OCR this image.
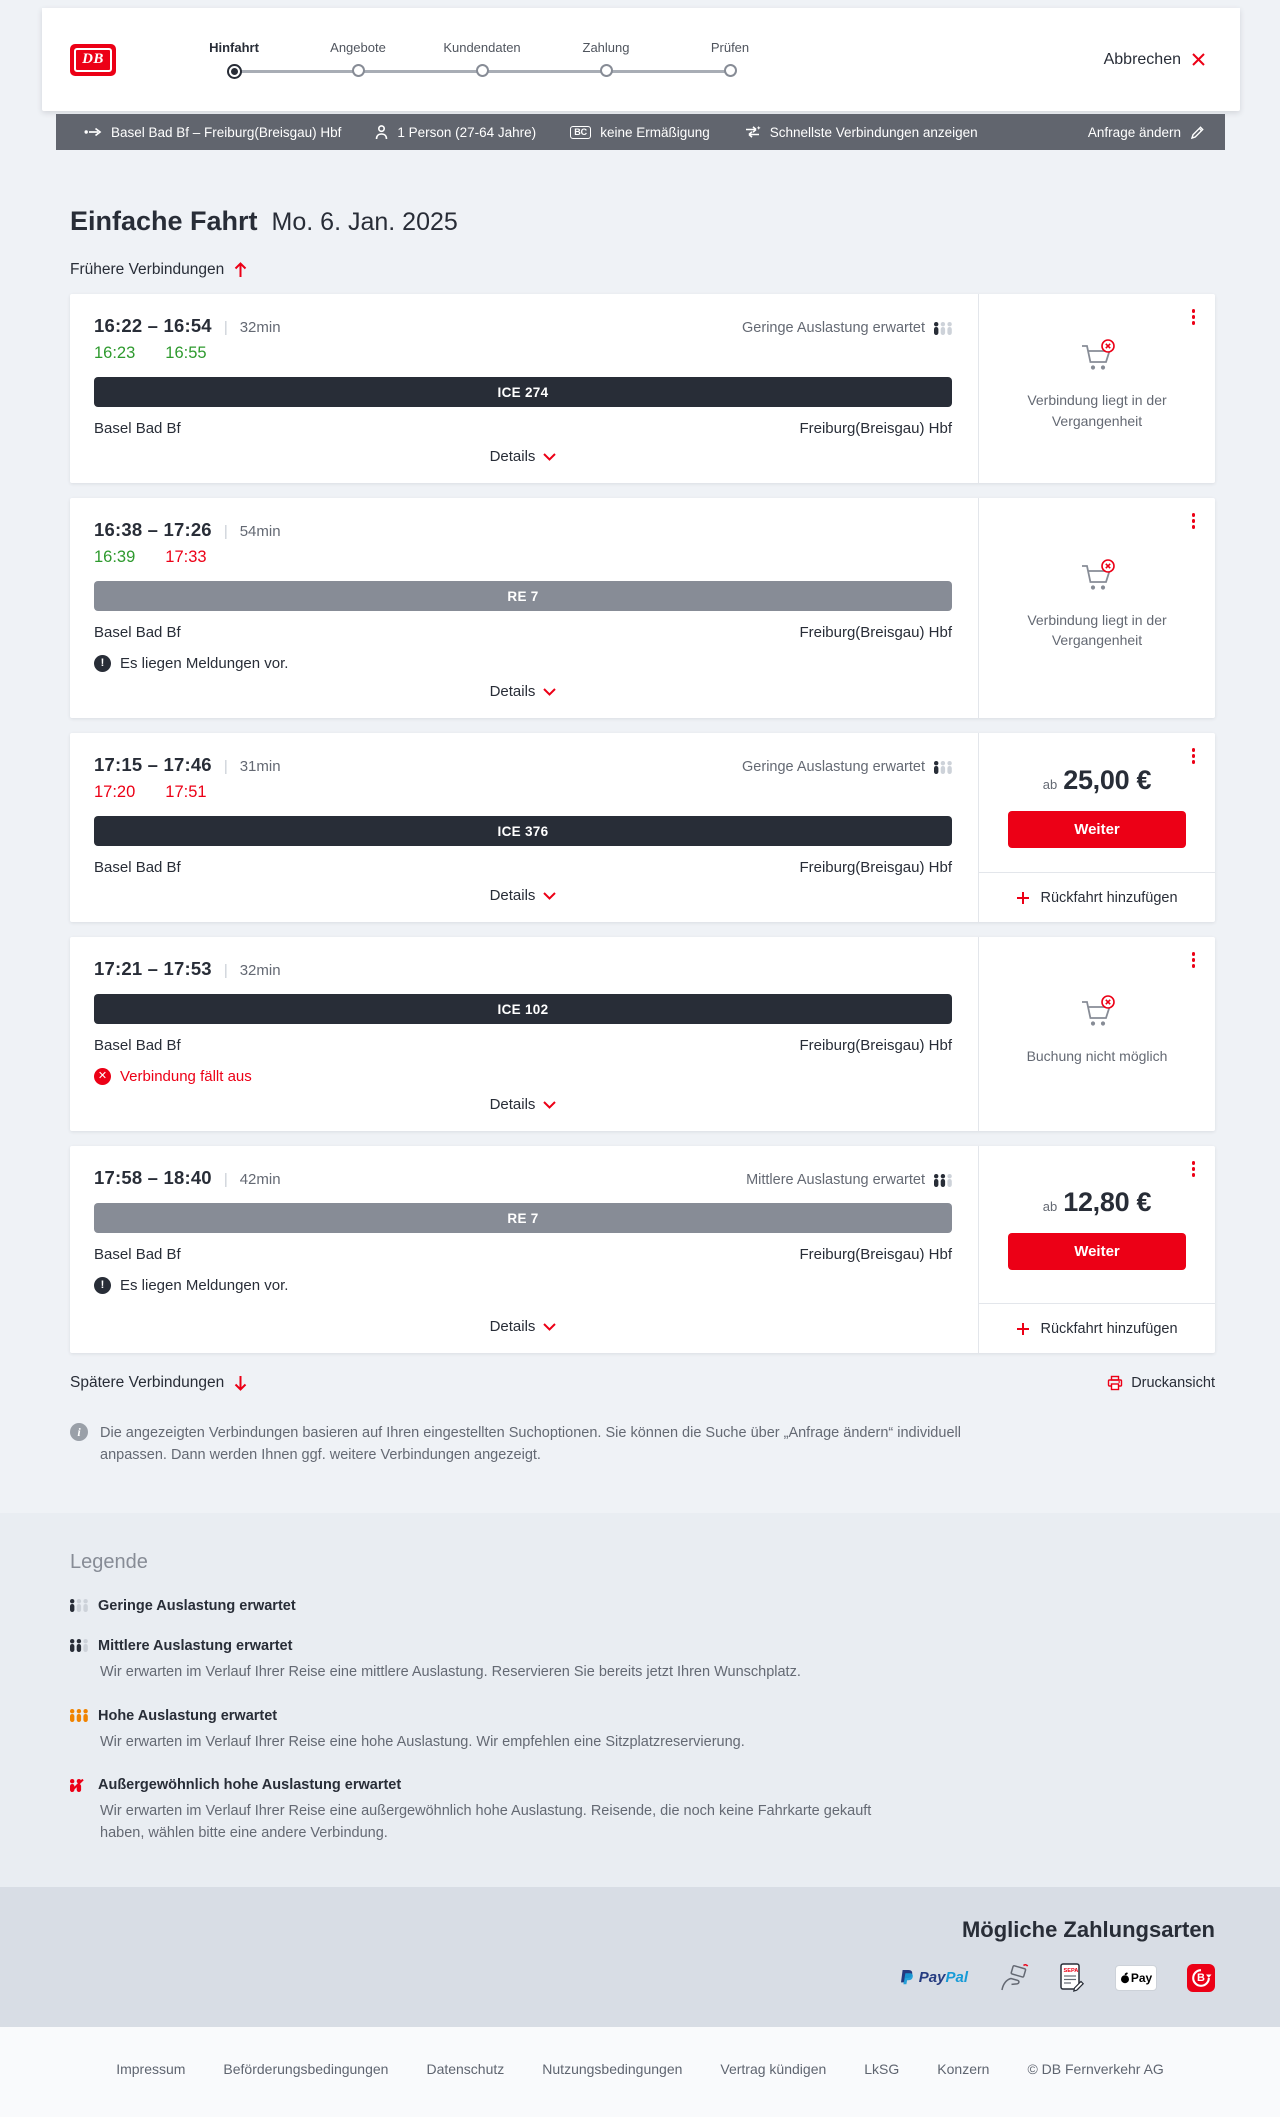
DB
Hinfahrt	Angebote	Kundendaten	Zahlung	Prüfen
Abbrechen
Basel Bad Bf – Freiburg(Breisgau) Hbf	1 Person (27-64 Jahre)	BC keine Ermäßigung	Schnellste Verbindungen anzeigen	Anfrage ändern
Einfache Fahrt Mo. 6. Jan. 2025
Frühere Verbindungen
16:22 – 16:54 | 32min	Geringe Auslastung erwartet
16:23 16:55
ICE 274
Basel Bad Bf	Freiburg(Breisgau) Hbf
Details
Verbindung liegt in der Vergangenheit
16:38 – 17:26 | 54min
16:39 17:33
RE 7
Basel Bad Bf	Freiburg(Breisgau) Hbf
!	Es liegen Meldungen vor.
Details
Verbindung liegt in der Vergangenheit
17:15 – 17:46 | 31min	Geringe Auslastung erwartet
17:20 17:51
ICE 376
Basel Bad Bf	Freiburg(Breisgau) Hbf
Details
ab 25,00 €
Weiter
Rückfahrt hinzufügen
17:21 – 17:53 | 32min
ICE 102
Basel Bad Bf	Freiburg(Breisgau) Hbf
✕ Verbindung fällt aus
Details
Buchung nicht möglich
17:58 – 18:40 | 42min	Mittlere Auslastung erwartet
RE 7
Basel Bad Bf	Freiburg(Breisgau) Hbf
!	Es liegen Meldungen vor.
Details
ab 12,80 €
Weiter
Rückfahrt hinzufügen
Spätere Verbindungen	Druckansicht
i	Die angezeigten Verbindungen basieren auf Ihren eingestellten Suchoptionen. Sie können die Suche über „Anfrage ändern“ individuell anpassen. Dann werden Ihnen ggf. weitere Verbindungen angezeigt.
Legende
Geringe Auslastung erwartet
Mittlere Auslastung erwartet

Wir erwarten im Verlauf Ihrer Reise eine mittlere Auslastung. Reservieren Sie bereits jetzt Ihren Wunschplatz.

Hohe Auslastung erwartet

Wir erwarten im Verlauf Ihrer Reise eine hohe Auslastung. Wir empfehlen eine Sitzplatzreservierung.

Außergewöhnlich hohe Auslastung erwartet

Wir erwarten im Verlauf Ihrer Reise eine außergewöhnlich hohe Auslastung. Reisende, die noch keine Fahrkarte gekauft haben, wählen bitte eine andere Verbindung.

Mögliche Zahlungsarten
PayPal	SEPA	Pay	B
Impressum	Beförderungsbedingungen	Datenschutz	Nutzungsbedingungen	Vertrag kündigen	LkSG	Konzern	© DB Fernverkehr AG
